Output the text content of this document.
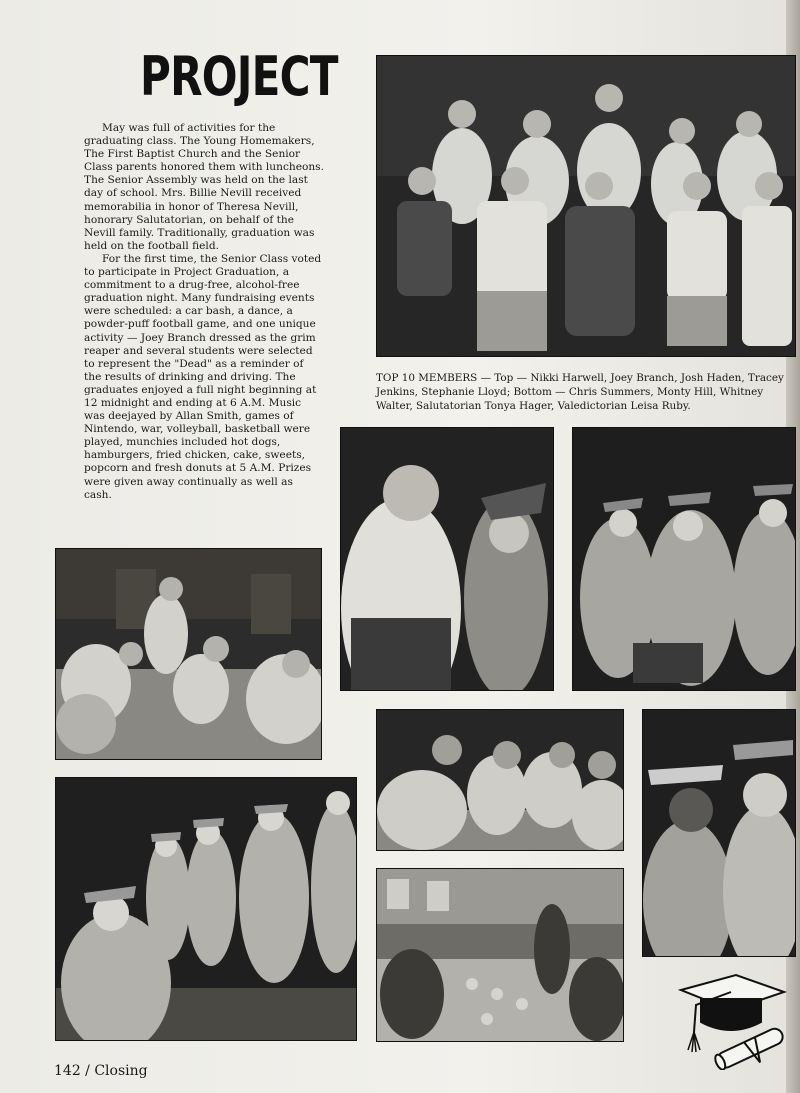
PROJECT

May was full of activities for the graduating class. The Young Homemakers, The First Baptist Church and the Senior Class parents honored them with luncheons. The Senior Assembly was held on the last day of school. Mrs. Billie Nevill received memorabilia in honor of Theresa Nevill, honorary Salutatorian, on behalf of the Nevill family. Traditionally, graduation was held on the football field.

For the first time, the Senior Class voted to participate in Project Graduation, a commitment to a drug-free, alcohol-free graduation night. Many fundraising events were scheduled: a car bash, a dance, a powder-puff football game, and one unique activity — Joey Branch dressed as the grim reaper and several students were selected to represent the "Dead" as a reminder of the results of drinking and driving. The graduates enjoyed a full night beginning at 12 midnight and ending at 6 A.M. Music was deejayed by Allan Smith, games of Nintendo, war, volleyball, basketball were played, munchies included hot dogs, hamburgers, fried chicken, cake, sweets, popcorn and fresh donuts at 5 A.M. Prizes were given away continually as well as cash.

TOP 10 MEMBERS — Top — Nikki Harwell, Joey Branch, Josh Haden, Tracey Jenkins, Stephanie Lloyd; Bottom — Chris Summers, Monty Hill, Whitney Walter, Salutatorian Tonya Hager, Valedictorian Leisa Ruby.
142 / Closing
